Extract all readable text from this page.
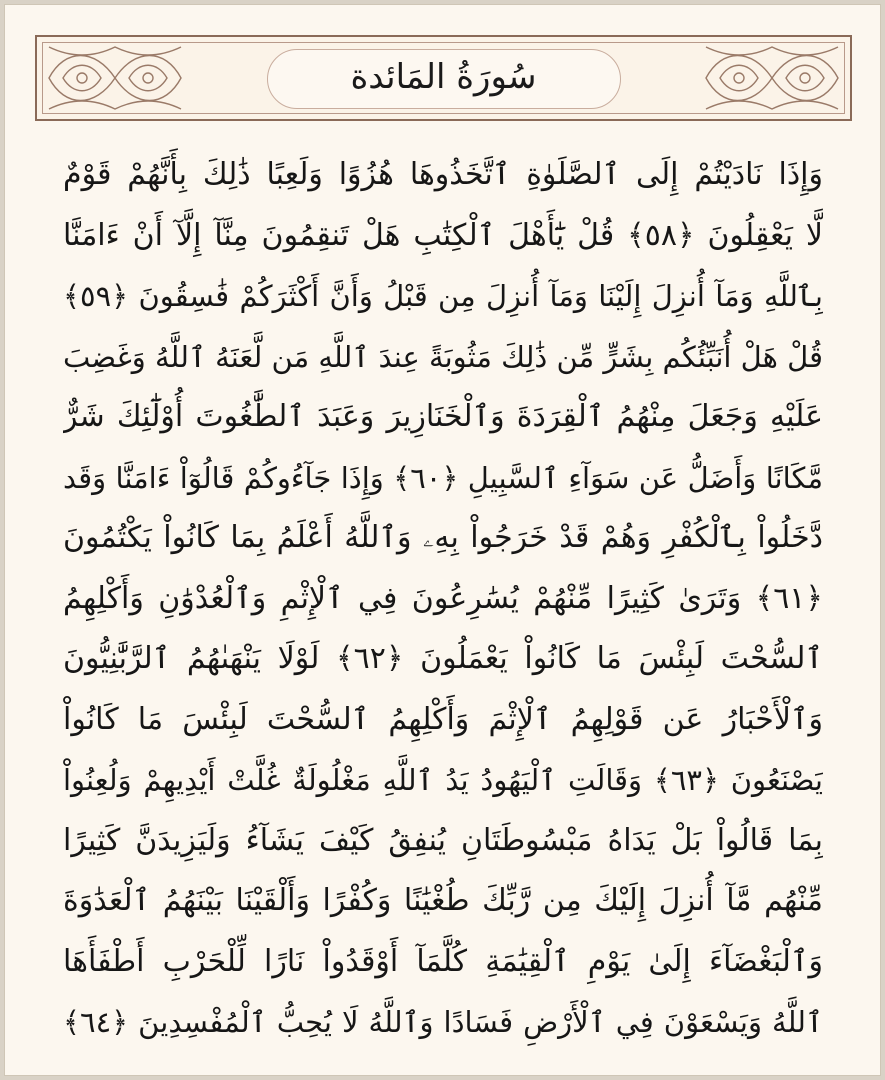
سُورَةُ المَائدة
وَإِذَا نَادَيْتُمْ إِلَى ٱلصَّلَوٰةِ ٱتَّخَذُوهَا هُزُوًا وَلَعِبًا ذَٰلِكَ بِأَنَّهُمْ قَوْمٌ
لَّا يَعْقِلُونَ ﴿٥٨﴾ قُلْ يَٰٓأَهْلَ ٱلْكِتَٰبِ هَلْ تَنقِمُونَ مِنَّآ إِلَّآ أَنْ ءَامَنَّا
بِٱللَّهِ وَمَآ أُنزِلَ إِلَيْنَا وَمَآ أُنزِلَ مِن قَبْلُ وَأَنَّ أَكْثَرَكُمْ فَٰسِقُونَ ﴿٥٩﴾
قُلْ هَلْ أُنَبِّئُكُم بِشَرٍّ مِّن ذَٰلِكَ مَثُوبَةً عِندَ ٱللَّهِ مَن لَّعَنَهُ ٱللَّهُ وَغَضِبَ
عَلَيْهِ وَجَعَلَ مِنْهُمُ ٱلْقِرَدَةَ وَٱلْخَنَازِيرَ وَعَبَدَ ٱلطَّٰغُوتَ أُوْلَٰٓئِكَ شَرٌّ
مَّكَانًا وَأَضَلُّ عَن سَوَآءِ ٱلسَّبِيلِ ﴿٦٠﴾ وَإِذَا جَآءُوكُمْ قَالُوٓاْ ءَامَنَّا وَقَد
دَّخَلُواْ بِٱلْكُفْرِ وَهُمْ قَدْ خَرَجُواْ بِهِۦ وَٱللَّهُ أَعْلَمُ بِمَا كَانُواْ يَكْتُمُونَ
﴿٦١﴾ وَتَرَىٰ كَثِيرًا مِّنْهُمْ يُسَٰرِعُونَ فِي ٱلْإِثْمِ وَٱلْعُدْوَٰنِ وَأَكْلِهِمُ
ٱلسُّحْتَ لَبِئْسَ مَا كَانُواْ يَعْمَلُونَ ﴿٦٢﴾ لَوْلَا يَنْهَىٰهُمُ ٱلرَّبَّٰنِيُّونَ
وَٱلْأَحْبَارُ عَن قَوْلِهِمُ ٱلْإِثْمَ وَأَكْلِهِمُ ٱلسُّحْتَ لَبِئْسَ مَا كَانُواْ
يَصْنَعُونَ ﴿٦٣﴾ وَقَالَتِ ٱلْيَهُودُ يَدُ ٱللَّهِ مَغْلُولَةٌ غُلَّتْ أَيْدِيهِمْ وَلُعِنُواْ
بِمَا قَالُواْ بَلْ يَدَاهُ مَبْسُوطَتَانِ يُنفِقُ كَيْفَ يَشَآءُ وَلَيَزِيدَنَّ كَثِيرًا
مِّنْهُم مَّآ أُنزِلَ إِلَيْكَ مِن رَّبِّكَ طُغْيَٰنًا وَكُفْرًا وَأَلْقَيْنَا بَيْنَهُمُ ٱلْعَدَٰوَةَ
وَٱلْبَغْضَآءَ إِلَىٰ يَوْمِ ٱلْقِيَٰمَةِ كُلَّمَآ أَوْقَدُواْ نَارًا لِّلْحَرْبِ أَطْفَأَهَا
ٱللَّهُ وَيَسْعَوْنَ فِي ٱلْأَرْضِ فَسَادًا وَٱللَّهُ لَا يُحِبُّ ٱلْمُفْسِدِينَ ﴿٦٤﴾
